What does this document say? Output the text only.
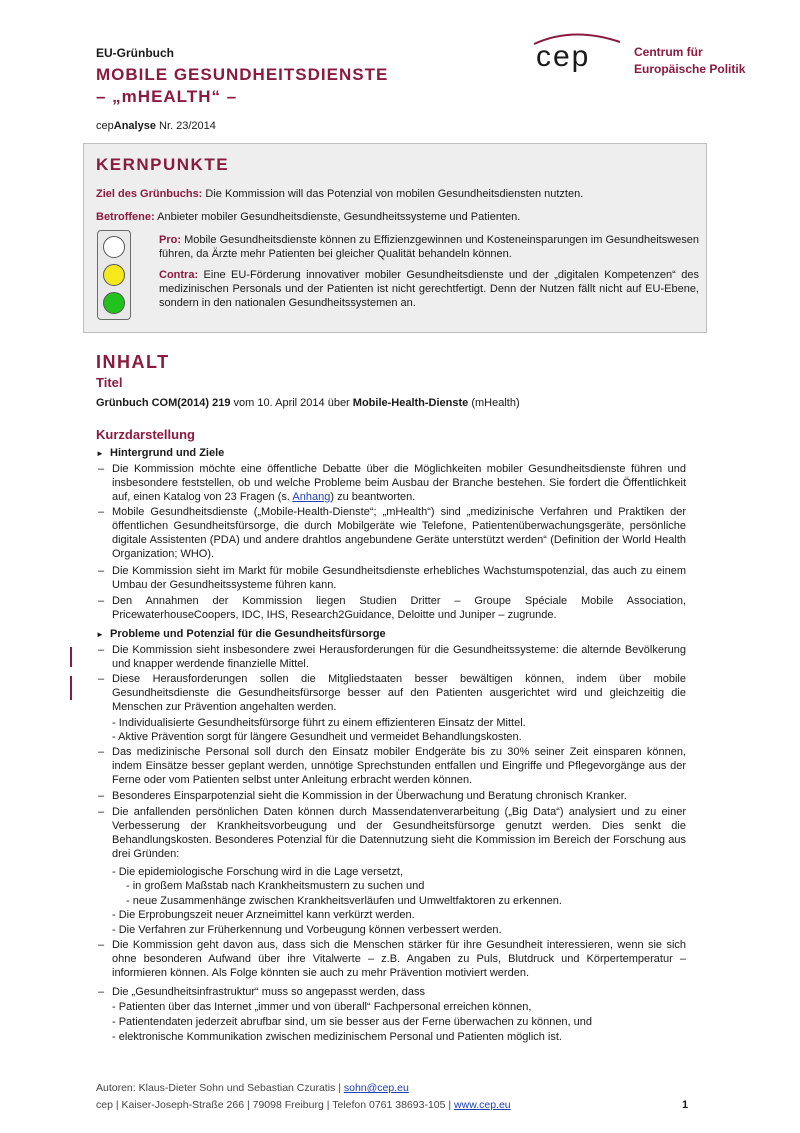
EU-Grünbuch
MOBILE GESUNDHEITSDIENSTE
– „mHEALTH“ –
cepAnalyse Nr. 23/2014
cep	Centrum für
Europäische Politik
KERNPUNKTE
Ziel des Grünbuchs: Die Kommission will das Potenzial von mobilen Gesundheitsdiensten nutzten.
Betroffene: Anbieter mobiler Gesundheitsdienste, Gesundheitssysteme und Patienten.
Pro: Mobile Gesundheitsdienste können zu Effizienzgewinnen und Kosteneinsparungen im Gesundheitswesen führen, da Ärzte mehr Patienten bei gleicher Qualität behandeln können.
Contra: Eine EU-Förderung innovativer mobiler Gesundheitsdienste und der „digitalen Kompetenzen“ des medizinischen Personals und der Patienten ist nicht gerechtfertigt. Denn der Nutzen fällt nicht auf EU-Ebene, sondern in den nationalen Gesundheitssystemen an.
INHALT
Titel
Grünbuch COM(2014) 219 vom 10. April 2014 über Mobile-Health-Dienste (mHealth)
Kurzdarstellung
► Hintergrund und Ziele
– Die Kommission möchte eine öffentliche Debatte über die Möglichkeiten mobiler Gesundheitsdienste führen und insbesondere feststellen, ob und welche Probleme beim Ausbau der Branche bestehen. Sie fordert die Öffentlichkeit auf, einen Katalog von 23 Fragen (s. Anhang) zu beantworten.
– Mobile Gesundheitsdienste („Mobile-Health-Dienste“; „mHealth“) sind „medizinische Verfahren und Praktiken der öffentlichen Gesundheitsfürsorge, die durch Mobilgeräte wie Telefone, Patientenüberwachungsgeräte, persönliche digitale Assistenten (PDA) und andere drahtlos angebundene Geräte unterstützt werden“ (Definition der World Health Organization; WHO).
– Die Kommission sieht im Markt für mobile Gesundheitsdienste erhebliches Wachstumspotenzial, das auch zu einem Umbau der Gesundheitssysteme führen kann.
– Den Annahmen der Kommission liegen Studien Dritter – Groupe Spéciale Mobile Association, PricewaterhouseCoopers, IDC, IHS, Research2Guidance, Deloitte und Juniper – zugrunde.
► Probleme und Potenzial für die Gesundheitsfürsorge
– Die Kommission sieht insbesondere zwei Herausforderungen für die Gesundheitssysteme: die alternde Bevölkerung und knapper werdende finanzielle Mittel.
– Diese Herausforderungen sollen die Mitgliedstaaten besser bewältigen können, indem über mobile Gesundheitsdienste die Gesundheitsfürsorge besser auf den Patienten ausgerichtet wird und gleichzeitig die Menschen zur Prävention angehalten werden.
- Individualisierte Gesundheitsfürsorge führt zu einem effizienteren Einsatz der Mittel.
- Aktive Prävention sorgt für längere Gesundheit und vermeidet Behandlungskosten.
– Das medizinische Personal soll durch den Einsatz mobiler Endgeräte bis zu 30% seiner Zeit einsparen können, indem Einsätze besser geplant werden, unnötige Sprechstunden entfallen und Eingriffe und Pflegevorgänge aus der Ferne oder vom Patienten selbst unter Anleitung erbracht werden können.
– Besonderes Einsparpotenzial sieht die Kommission in der Überwachung und Beratung chronisch Kranker.
– Die anfallenden persönlichen Daten können durch Massendatenverarbeitung („Big Data“) analysiert und zu einer Verbesserung der Krankheitsvorbeugung und der Gesundheitsfürsorge genutzt werden. Dies senkt die Behandlungskosten. Besonderes Potenzial für die Datennutzung sieht die Kommission im Bereich der Forschung aus drei Gründen:
- Die epidemiologische Forschung wird in die Lage versetzt,
- in großem Maßstab nach Krankheitsmustern zu suchen und
- neue Zusammenhänge zwischen Krankheitsverläufen und Umweltfaktoren zu erkennen.
- Die Erprobungszeit neuer Arzneimittel kann verkürzt werden.
- Die Verfahren zur Früherkennung und Vorbeugung können verbessert werden.
– Die Kommission geht davon aus, dass sich die Menschen stärker für ihre Gesundheit interessieren, wenn sie sich ohne besonderen Aufwand über ihre Vitalwerte – z.B. Angaben zu Puls, Blutdruck und Körpertemperatur – informieren können. Als Folge könnten sie auch zu mehr Prävention motiviert werden.
– Die „Gesundheitsinfrastruktur“ muss so angepasst werden, dass
- Patienten über das Internet „immer und von überall“ Fachpersonal erreichen können,
- Patientendaten jederzeit abrufbar sind, um sie besser aus der Ferne überwachen zu können, und
- elektronische Kommunikation zwischen medizinischem Personal und Patienten möglich ist.
Autoren: Klaus-Dieter Sohn und Sebastian Czuratis | sohn@cep.eu
cep | Kaiser-Joseph-Straße 266 | 79098 Freiburg | Telefon 0761 38693-105 | www.cep.eu	1
